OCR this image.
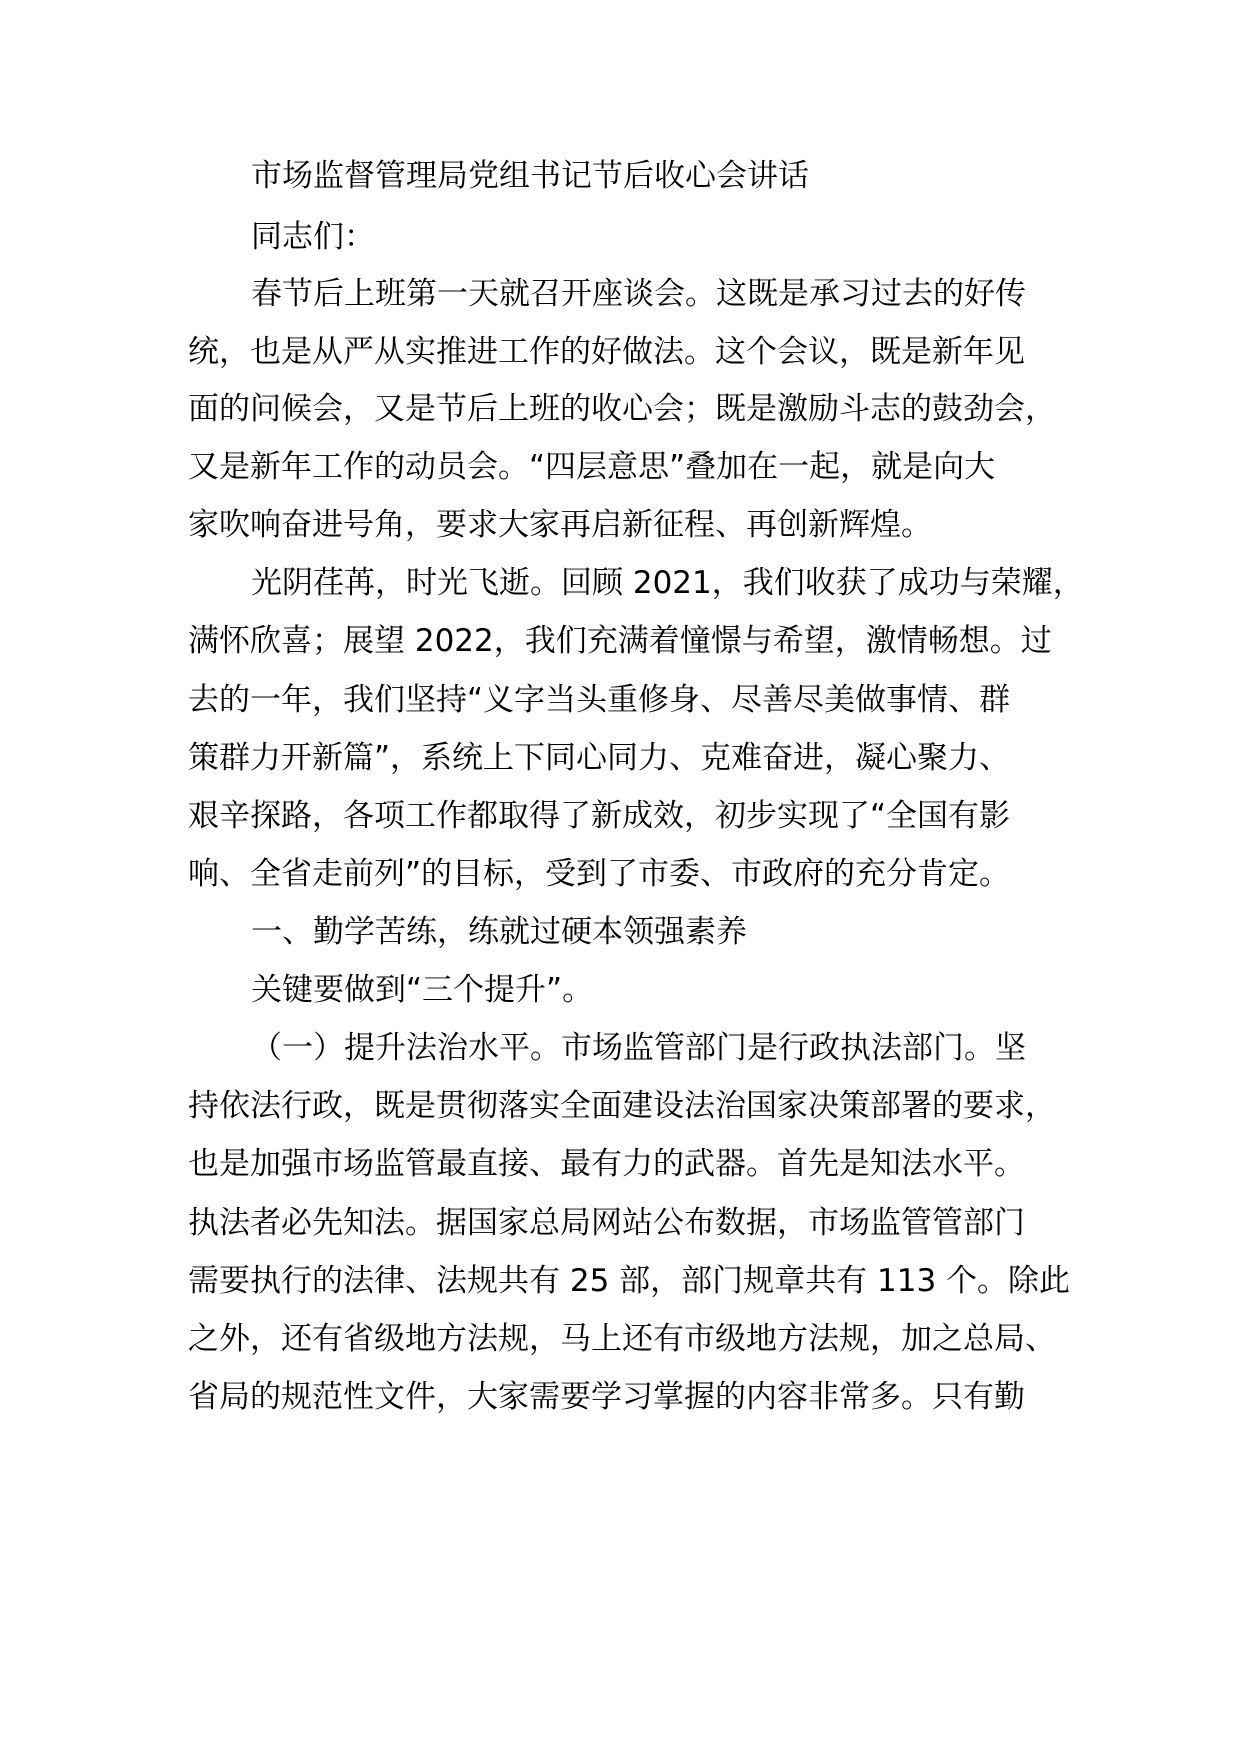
市场监督管理局党组书记节后收心会讲话
同志们：
春节后上班第一天就召开座谈会。这既是承习过去的好传
统，也是从严从实推进工作的好做法。这个会议，既是新年见
面的问候会，又是节后上班的收心会；既是激励斗志的鼓劲会，
又是新年工作的动员会。“四层意思”叠加在一起，就是向大
家吹响奋进号角，要求大家再启新征程、再创新辉煌。
光阴荏苒，时光飞逝。回顾 2021，我们收获了成功与荣耀，
满怀欣喜；展望 2022，我们充满着憧憬与希望，激情畅想。过
去的一年，我们坚持“义字当头重修身、尽善尽美做事情、群
策群力开新篇”，系统上下同心同力、克难奋进，凝心聚力、
艰辛探路，各项工作都取得了新成效，初步实现了“全国有影
响、全省走前列”的目标，受到了市委、市政府的充分肯定。
一、勤学苦练，练就过硬本领强素养
关键要做到“三个提升”。
（一）提升法治水平。市场监管部门是行政执法部门。坚
持依法行政，既是贯彻落实全面建设法治国家决策部署的要求，
也是加强市场监管最直接、最有力的武器。首先是知法水平。
执法者必先知法。据国家总局网站公布数据，市场监管管部门
需要执行的法律、法规共有 25 部，部门规章共有 113 个。除此
之外，还有省级地方法规，马上还有市级地方法规，加之总局、
省局的规范性文件，大家需要学习掌握的内容非常多。只有勤
